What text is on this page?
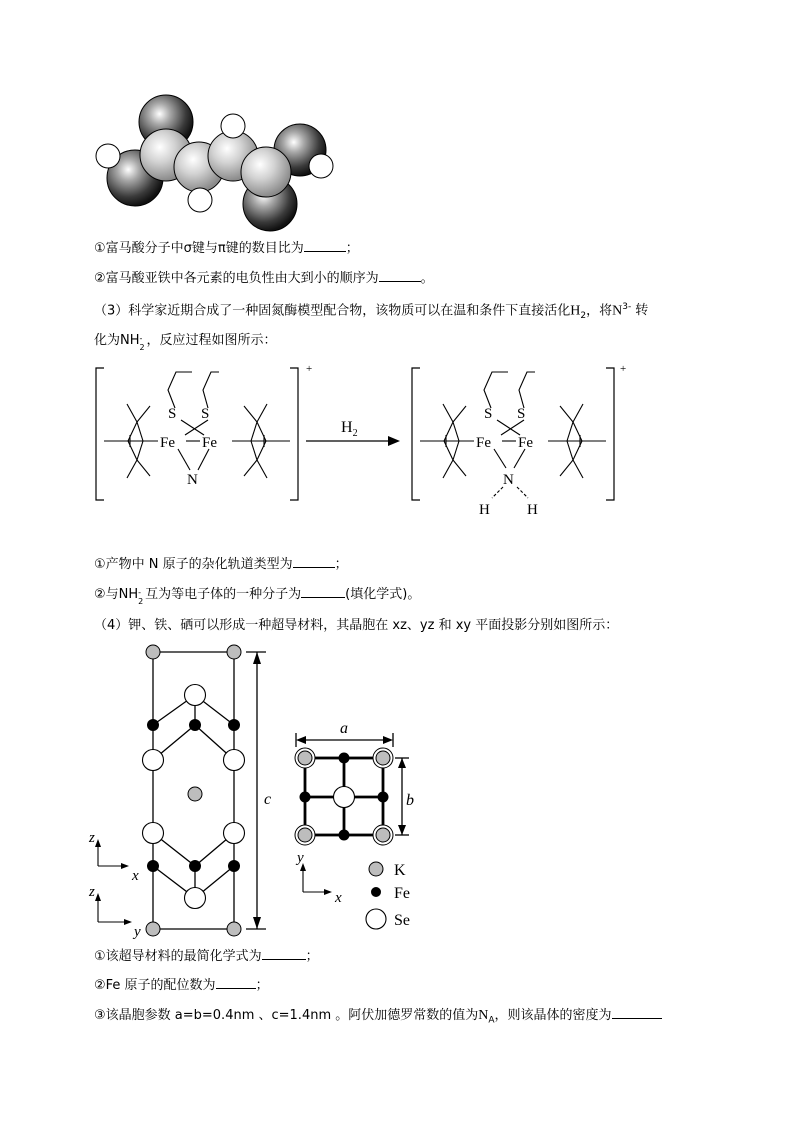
①富马酸分子中σ键与π键的数目比为	；
②富马酸亚铁中各元素的电负性由大到小的顺序为	。
（3）科学家近期合成了一种固氮酶模型配合物，该物质可以在温和条件下直接活化$H_2$，将$N^{3-}$ 转
化为NH -
2 ，反应过程如图所示：
+	+
$H_2$
S S
Fe Fe
N
S S
Fe Fe
N
H H
①产物中 N 原子的杂化轨道类型为	；
②与NH -
2 互为等电子体的一种分子为	(填化学式)。
（4）钾、铁、硒可以形成一种超导材料，其晶胞在 xz、yz 和 xy 平面投影分别如图所示：
c
z
x
z
y
a
b
y
x
K
Fe
Se
①该超导材料的最简化学式为	；
②Fe 原子的配位数为	；
③该晶胞参数 a=b=0.4nm 、c=1.4nm 。阿伏加德罗常数的值为$N_A$，则该晶体的密度为
